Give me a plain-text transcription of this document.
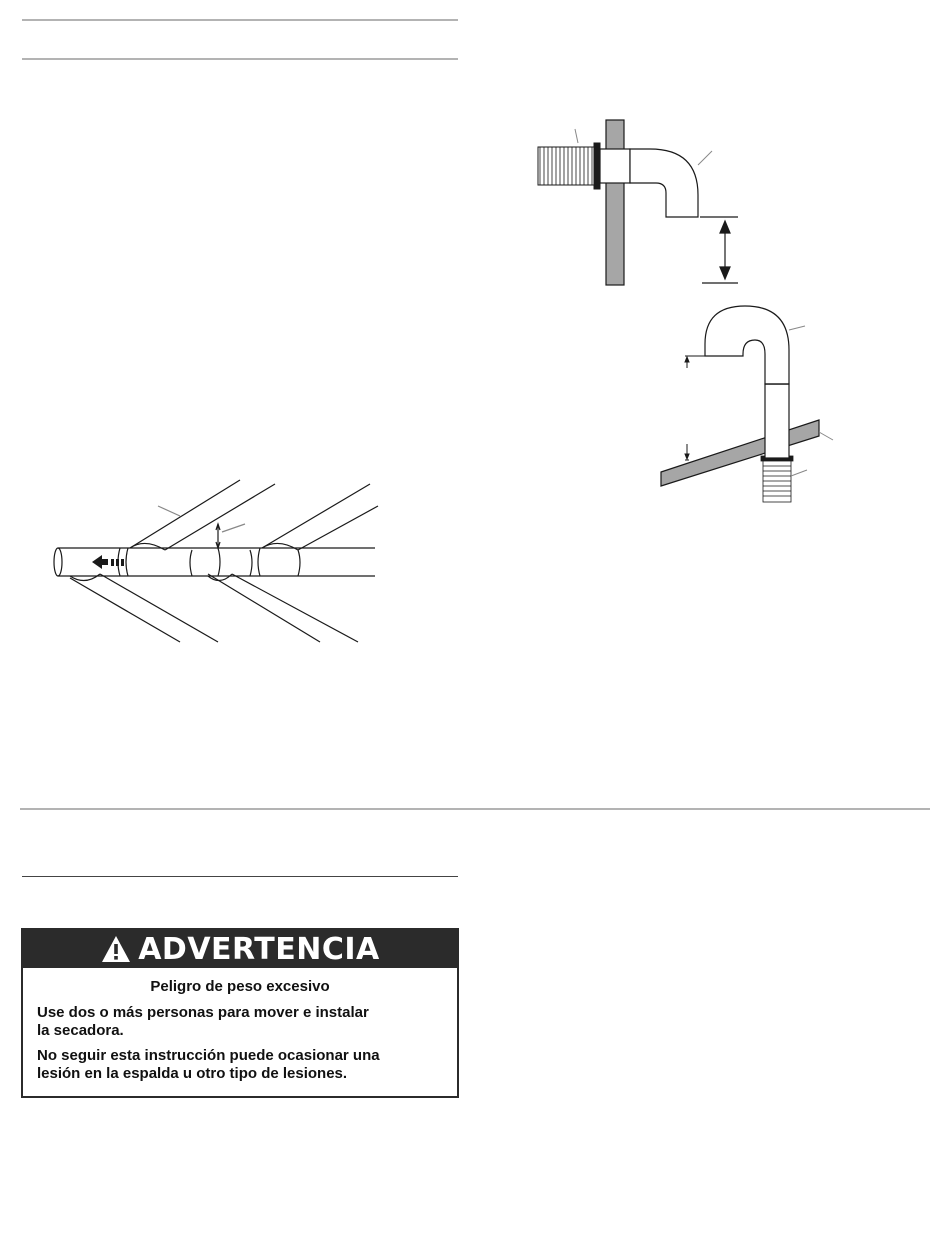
ADVERTENCIA
Peligro de peso excesivo

Use dos o más personas para mover e instalar
la secadora.

No seguir esta instrucción puede ocasionar una
lesión en la espalda u otro tipo de lesiones.
